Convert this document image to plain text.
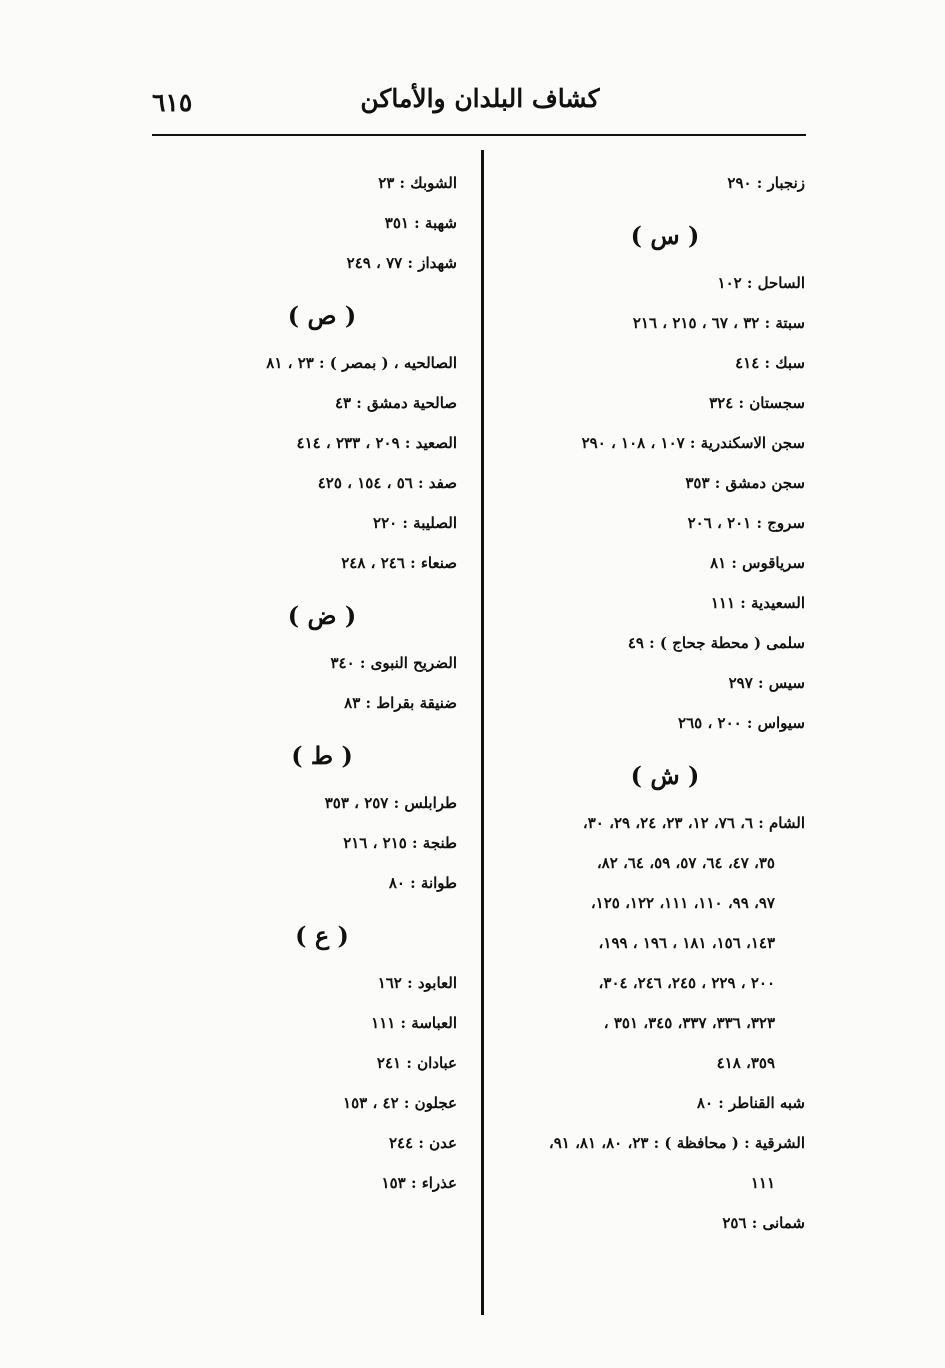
٦١٥	كشاف البلدان والأماكن
زنجبار : ٢٩٠
( س )
الساحل : ١٠٢
سبتة : ٣٢ ، ٦٧ ، ٢١٥ ، ٢١٦
سبك : ٤١٤
سجستان : ٣٢٤
سجن الاسكندرية : ١٠٧ ، ١٠٨ ، ٢٩٠
سجن دمشق : ٣٥٣
سروج : ٢٠١ ، ٢٠٦
سرياقوس : ٨١
السعيدية : ١١١
سلمى ( محطة جحاج ) : ٤٩
سيس : ٢٩٧
سيواس : ٢٠٠ ، ٢٦٥
( ش )
الشام : ٦، ٧٦، ١٢، ٢٣، ٢٤، ٢٩، ٣٠،
٣٥، ٤٧، ٦٤، ٥٧، ٥٩، ٦٤، ٨٢،
٩٧، ٩٩، ١١٠، ١١١، ١٢٢، ١٢٥،
١٤٣، ١٥٦، ١٨١ ، ١٩٦ ، ١٩٩،
٢٠٠ ، ٢٢٩ ، ٢٤٥، ٢٤٦، ٣٠٤،
٣٢٣، ٣٣٦، ٣٣٧، ٣٤٥، ٣٥١ ،
٣٥٩، ٤١٨
شبه القناطر : ٨٠
الشرقية : ( محافظة ) : ٢٣، ٨٠، ٨١، ٩١،
١١١
شمانى : ٢٥٦
الشوبك : ٢٣
شهبة : ٣٥١
شهداز : ٧٧ ، ٢٤٩
( ص )
الصالحيه ، ( بمصر ) : ٢٣ ، ٨١
صالحية دمشق : ٤٣
الصعيد : ٢٠٩ ، ٢٣٣ ، ٤١٤
صفد : ٥٦ ، ١٥٤ ، ٤٢٥
الصليبة : ٢٢٠
صنعاء : ٢٤٦ ، ٢٤٨
( ض )
الضريح النبوى : ٣٤٠
ضنيقة بقراط : ٨٣
( ط )
طرابلس : ٢٥٧ ، ٣٥٣
طنجة : ٢١٥ ، ٢١٦
طوانة : ٨٠
( ع )
العابود : ١٦٢
العباسة : ١١١
عبادان : ٢٤١
عجلون : ٤٢ ، ١٥٣
عدن : ٢٤٤
عذراء : ١٥٣
